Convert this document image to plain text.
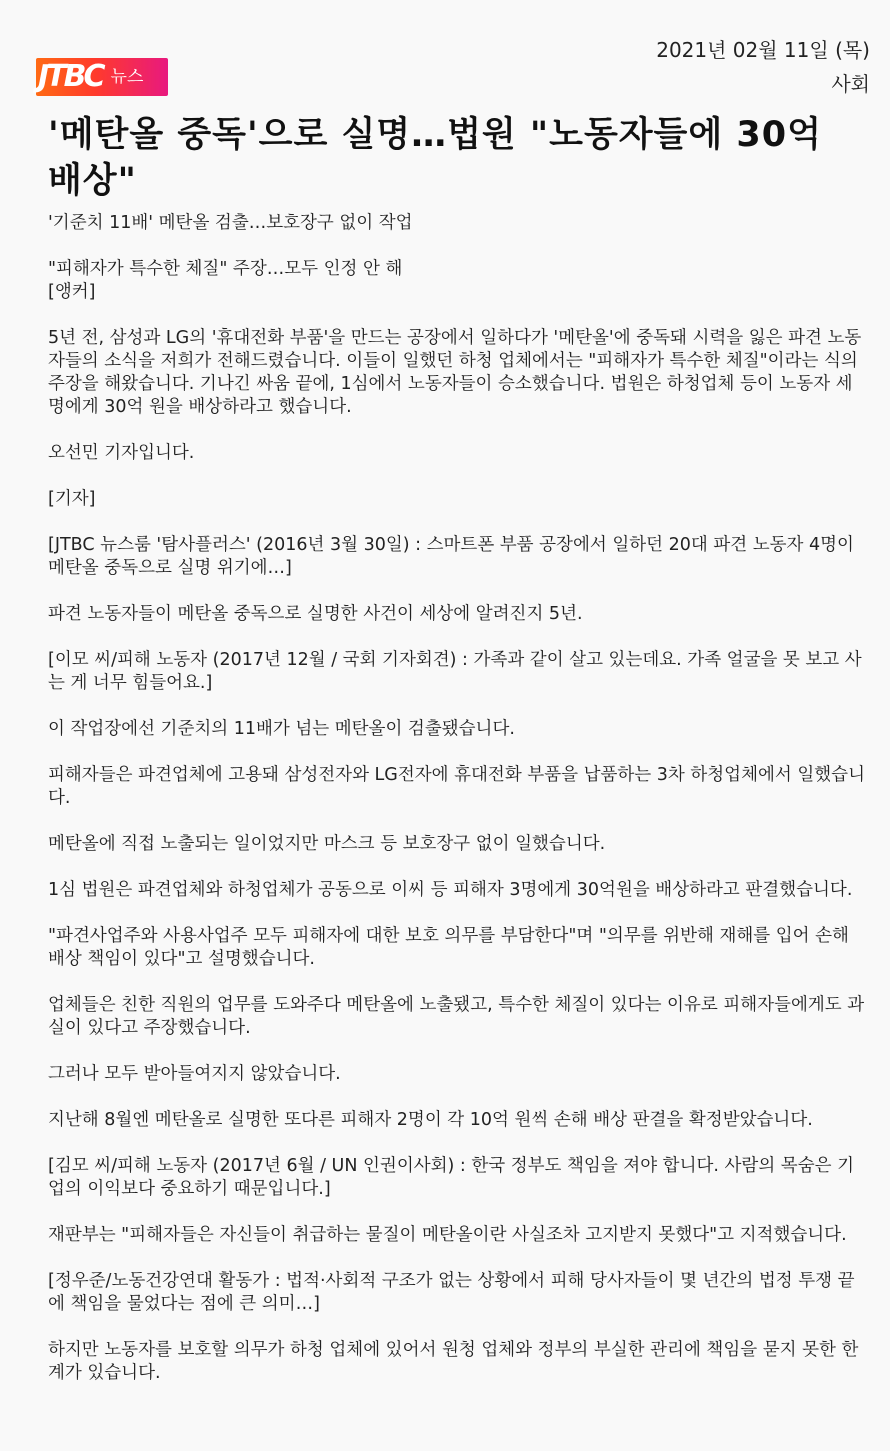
JTBC 뉴스
2021년 02월 11일 (목)
사회
'메탄올 중독'으로 실명…법원 "노동자들에 30억 배상"

'기준치 11배' 메탄올 검출…보호장구 없이 작업

"피해자가 특수한 체질" 주장…모두 인정 안 해

[앵커]

5년 전, 삼성과 LG의 '휴대전화 부품'을 만드는 공장에서 일하다가 '메탄올'에 중독돼 시력을 잃은 파견 노동자들의 소식을 저희가 전해드렸습니다. 이들이 일했던 하청 업체에서는 "피해자가 특수한 체질"이라는 식의 주장을 해왔습니다. 기나긴 싸움 끝에, 1심에서 노동자들이 승소했습니다. 법원은 하청업체 등이 노동자 세 명에게 30억 원을 배상하라고 했습니다.

오선민 기자입니다.

[기자]

[JTBC 뉴스룸 '탐사플러스' (2016년 3월 30일) : 스마트폰 부품 공장에서 일하던 20대 파견 노동자 4명이 메탄올 중독으로 실명 위기에…]

파견 노동자들이 메탄올 중독으로 실명한 사건이 세상에 알려진지 5년.

[이모 씨/피해 노동자 (2017년 12월 / 국회 기자회견) : 가족과 같이 살고 있는데요. 가족 얼굴을 못 보고 사는 게 너무 힘들어요.]

이 작업장에선 기준치의 11배가 넘는 메탄올이 검출됐습니다.

피해자들은 파견업체에 고용돼 삼성전자와 LG전자에 휴대전화 부품을 납품하는 3차 하청업체에서 일했습니다.

메탄올에 직접 노출되는 일이었지만 마스크 등 보호장구 없이 일했습니다.

1심 법원은 파견업체와 하청업체가 공동으로 이씨 등 피해자 3명에게 30억원을 배상하라고 판결했습니다.

"파견사업주와 사용사업주 모두 피해자에 대한 보호 의무를 부담한다"며 "의무를 위반해 재해를 입어 손해 배상 책임이 있다"고 설명했습니다.

업체들은 친한 직원의 업무를 도와주다 메탄올에 노출됐고, 특수한 체질이 있다는 이유로 피해자들에게도 과실이 있다고 주장했습니다.

그러나 모두 받아들여지지 않았습니다.

지난해 8월엔 메탄올로 실명한 또다른 피해자 2명이 각 10억 원씩 손해 배상 판결을 확정받았습니다.

[김모 씨/피해 노동자 (2017년 6월 / UN 인권이사회) : 한국 정부도 책임을 져야 합니다. 사람의 목숨은 기업의 이익보다 중요하기 때문입니다.]

재판부는 "피해자들은 자신들이 취급하는 물질이 메탄올이란 사실조차 고지받지 못했다"고 지적했습니다.

[정우준/노동건강연대 활동가 : 법적·사회적 구조가 없는 상황에서 피해 당사자들이 몇 년간의 법정 투쟁 끝에 책임을 물었다는 점에 큰 의미…]

하지만 노동자를 보호할 의무가 하청 업체에 있어서 원청 업체와 정부의 부실한 관리에 책임을 묻지 못한 한계가 있습니다.
